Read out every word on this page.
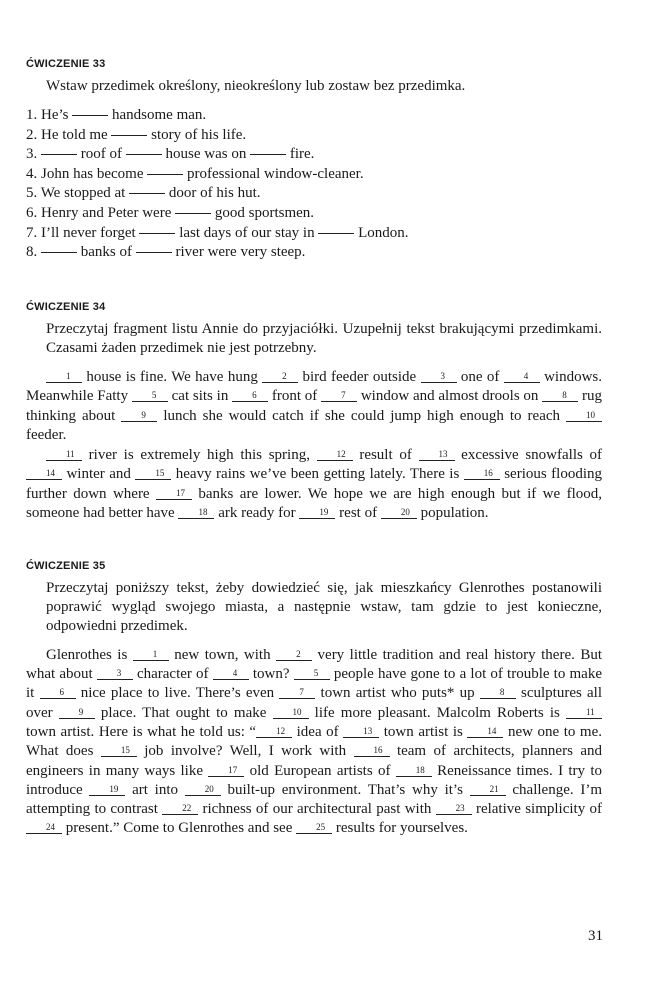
ĆWICZENIE 33

Wstaw przedimek określony, nieokreślony lub zostaw bez przedimka.

1. He’s	handsome man.
2. He told me	story of his life.
3.	roof of	house was on	fire.
4. John has become	professional window-cleaner.
5. We stopped at	door of his hut.
6. Henry and Peter were	good sportsmen.
7. I’ll never forget	last days of our stay in	London.
8.	banks of	river were very steep.
ĆWICZENIE 34

Przeczytaj fragment listu Annie do przyjaciółki. Uzupełnij tekst brakującymi przedimkami. Czasami żaden przedimek nie jest potrzebny.

1 house is fine. We have hung 2 bird feeder outside 3 one of 4 windows. Meanwhile Fatty 5 cat sits in 6 front of 7 window and almost drools on 8 rug thinking about 9 lunch she would catch if she could jump high enough to reach 10 feeder.

11 river is extremely high this spring, 12 result of 13 excessive snowfalls of 14 winter and 15 heavy rains we’ve been getting lately. There is 16 serious flooding further down where 17 banks are lower. We hope we are high enough but if we flood, someone had better have 18 ark ready for 19 rest of 20 population.

ĆWICZENIE 35

Przeczytaj poniższy tekst, żeby dowiedzieć się, jak mieszkańcy Glenrothes postanowili poprawić wygląd swojego miasta, a następnie wstaw, tam gdzie to jest konieczne, odpowiedni przedimek.

Glenrothes is 1 new town, with 2 very little tradition and real history there. But what about 3 character of 4 town? 5 people have gone to a lot of trouble to make it 6 nice place to live. There’s even 7 town artist who puts* up 8 sculptures all over 9 place. That ought to make 10 life more pleasant. Malcolm Roberts is 11 town artist. Here is what he told us: “ 12 idea of 13 town artist is 14 new one to me. What does 15 job involve? Well, I work with 16 team of architects, planners and engineers in many ways like 17 old European artists of 18 Reneissance times. I try to introduce 19 art into 20 built-up environment. That’s why it’s 21 challenge. I’m attempting to contrast 22 richness of our architectural past with 23 relative simplicity of 24 present.” Come to Glenrothes and see 25 results for yourselves.

31
